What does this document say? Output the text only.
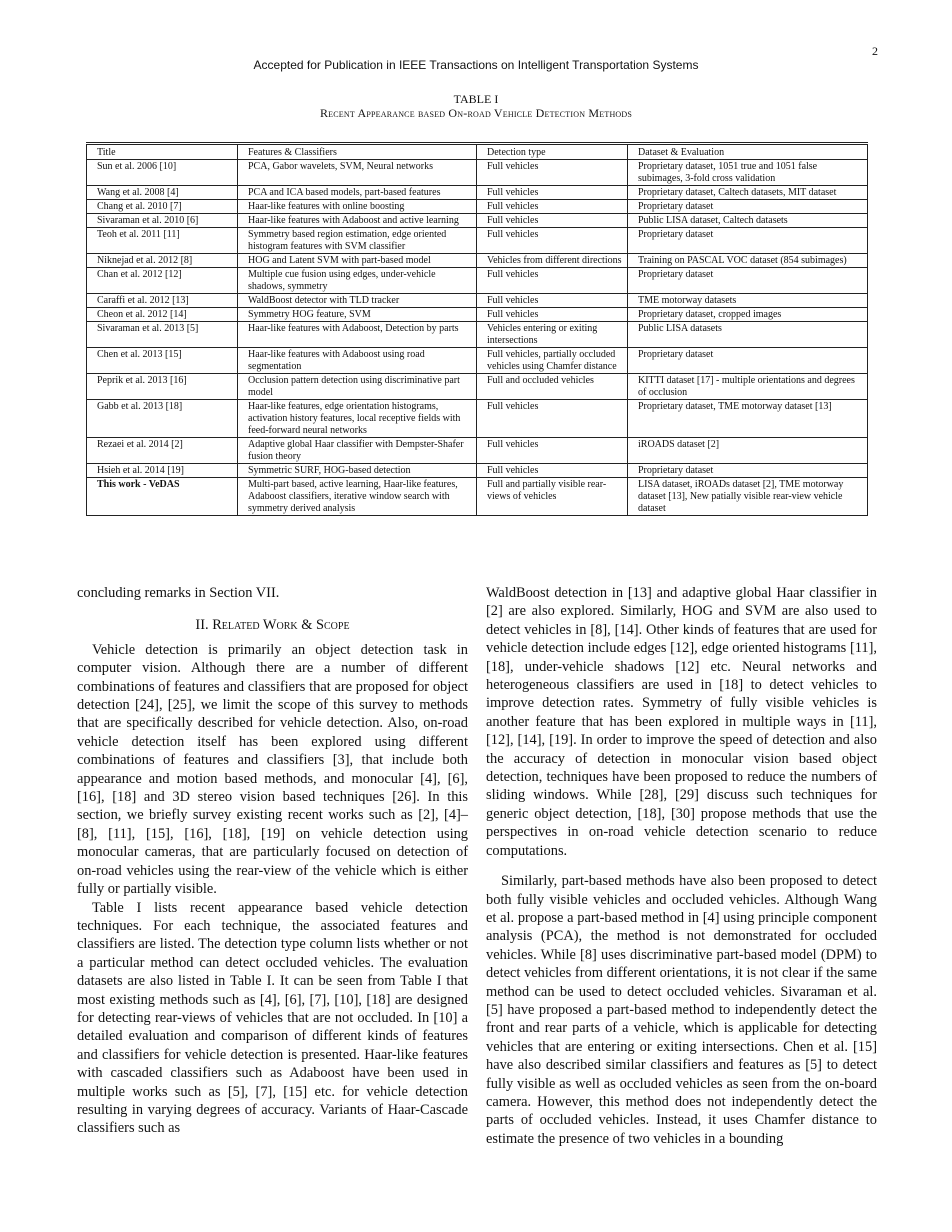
2
Accepted for Publication in IEEE Transactions on Intelligent Transportation Systems
TABLE I
Recent Appearance based On-road Vehicle Detection Methods
Title	Features & Classifiers	Detection type	Dataset & Evaluation
Sun et al. 2006 [10]	PCA, Gabor wavelets, SVM, Neural networks	Full vehicles	Proprietary dataset, 1051 true and 1051 false subimages, 3-fold cross validation
Wang et al. 2008 [4]	PCA and ICA based models, part-based features	Full vehicles	Proprietary dataset, Caltech datasets, MIT dataset
Chang et al. 2010 [7]	Haar-like features with online boosting	Full vehicles	Proprietary dataset
Sivaraman et al. 2010 [6]	Haar-like features with Adaboost and active learning	Full vehicles	Public LISA dataset, Caltech datasets
Teoh et al. 2011 [11]	Symmetry based region estimation, edge oriented histogram features with SVM classifier	Full vehicles	Proprietary dataset
Niknejad et al. 2012 [8]	HOG and Latent SVM with part-based model	Vehicles from different directions	Training on PASCAL VOC dataset (854 subimages)
Chan et al. 2012 [12]	Multiple cue fusion using edges, under-vehicle shadows, symmetry	Full vehicles	Proprietary dataset
Caraffi et al. 2012 [13]	WaldBoost detector with TLD tracker	Full vehicles	TME motorway datasets
Cheon et al. 2012 [14]	Symmetry HOG feature, SVM	Full vehicles	Proprietary dataset, cropped images
Sivaraman et al. 2013 [5]	Haar-like features with Adaboost, Detection by parts	Vehicles entering or exiting intersections	Public LISA datasets
Chen et al. 2013 [15]	Haar-like features with Adaboost using road segmentation	Full vehicles, partially occluded vehicles using Chamfer distance	Proprietary dataset
Peprik et al. 2013 [16]	Occlusion pattern detection using discriminative part model	Full and occluded vehicles	KITTI dataset [17] - multiple orientations and degrees of occlusion
Gabb et al. 2013 [18]	Haar-like features, edge orientation histograms, activation history features, local receptive fields with feed-forward neural networks	Full vehicles	Proprietary dataset, TME motorway dataset [13]
Rezaei et al. 2014 [2]	Adaptive global Haar classifier with Dempster-Shafer fusion theory	Full vehicles	iROADS dataset [2]
Hsieh et al. 2014 [19]	Symmetric SURF, HOG-based detection	Full vehicles	Proprietary dataset
This work - VeDAS	Multi-part based, active learning, Haar-like features, Adaboost classifiers, iterative window search with symmetry derived analysis	Full and partially visible rear-views of vehicles	LISA dataset, iROADs dataset [2], TME motorway dataset [13], New patially visible rear-view vehicle dataset

concluding remarks in Section VII.

II. Related Work & Scope

Vehicle detection is primarily an object detection task in computer vision. Although there are a number of different combinations of features and classifiers that are proposed for object detection [24], [25], we limit the scope of this survey to methods that are specifically described for vehicle detection. Also, on-road vehicle detection itself has been explored using different combinations of features and classifiers [3], that include both appearance and motion based methods, and monocular [4], [6], [16], [18] and 3D stereo vision based techniques [26]. In this section, we briefly survey existing recent works such as [2], [4]–[8], [11], [15], [16], [18], [19] on vehicle detection using monocular cameras, that are particularly focused on detection of on-road vehicles using the rear-view of the vehicle which is either fully or partially visible.

Table I lists recent appearance based vehicle detection techniques. For each technique, the associated features and classifiers are listed. The detection type column lists whether or not a particular method can detect occluded vehicles. The evaluation datasets are also listed in Table I. It can be seen from Table I that most existing methods such as [4], [6], [7], [10], [18] are designed for detecting rear-views of vehicles that are not occluded. In [10] a detailed evaluation and comparison of different kinds of features and classifiers for vehicle detection is presented. Haar-like features with cascaded classifiers such as Adaboost have been used in multiple works such as [5], [7], [15] etc. for vehicle detection resulting in varying degrees of accuracy. Variants of Haar-Cascade classifiers such as

WaldBoost detection in [13] and adaptive global Haar classifier in [2] are also explored. Similarly, HOG and SVM are also used to detect vehicles in [8], [14]. Other kinds of features that are used for vehicle detection include edges [12], edge oriented histograms [11], [18], under-vehicle shadows [12] etc. Neural networks and heterogeneous classifiers are used in [18] to detect vehicles to improve detection rates. Symmetry of fully visible vehicles is another feature that has been explored in multiple ways in [11], [12], [14], [19]. In order to improve the speed of detection and also the accuracy of detection in monocular vision based object detection, techniques have been proposed to reduce the numbers of sliding windows. While [28], [29] discuss such techniques for generic object detection, [18], [30] propose methods that use the perspectives in on-road vehicle detection scenario to reduce computations.

Similarly, part-based methods have also been proposed to detect both fully visible vehicles and occluded vehicles. Although Wang et al. propose a part-based method in [4] using principle component analysis (PCA), the method is not demonstrated for occluded vehicles. While [8] uses discriminative part-based model (DPM) to detect vehicles from different orientations, it is not clear if the same method can be used to detect occluded vehicles. Sivaraman et al. [5] have proposed a part-based method to independently detect the front and rear parts of a vehicle, which is applicable for detecting vehicles that are entering or exiting intersections. Chen et al. [15] have also described similar classifiers and features as [5] to detect fully visible as well as occluded vehicles as seen from the on-board camera. However, this method does not independently detect the parts of occluded vehicles. Instead, it uses Chamfer distance to estimate the presence of two vehicles in a bounding
